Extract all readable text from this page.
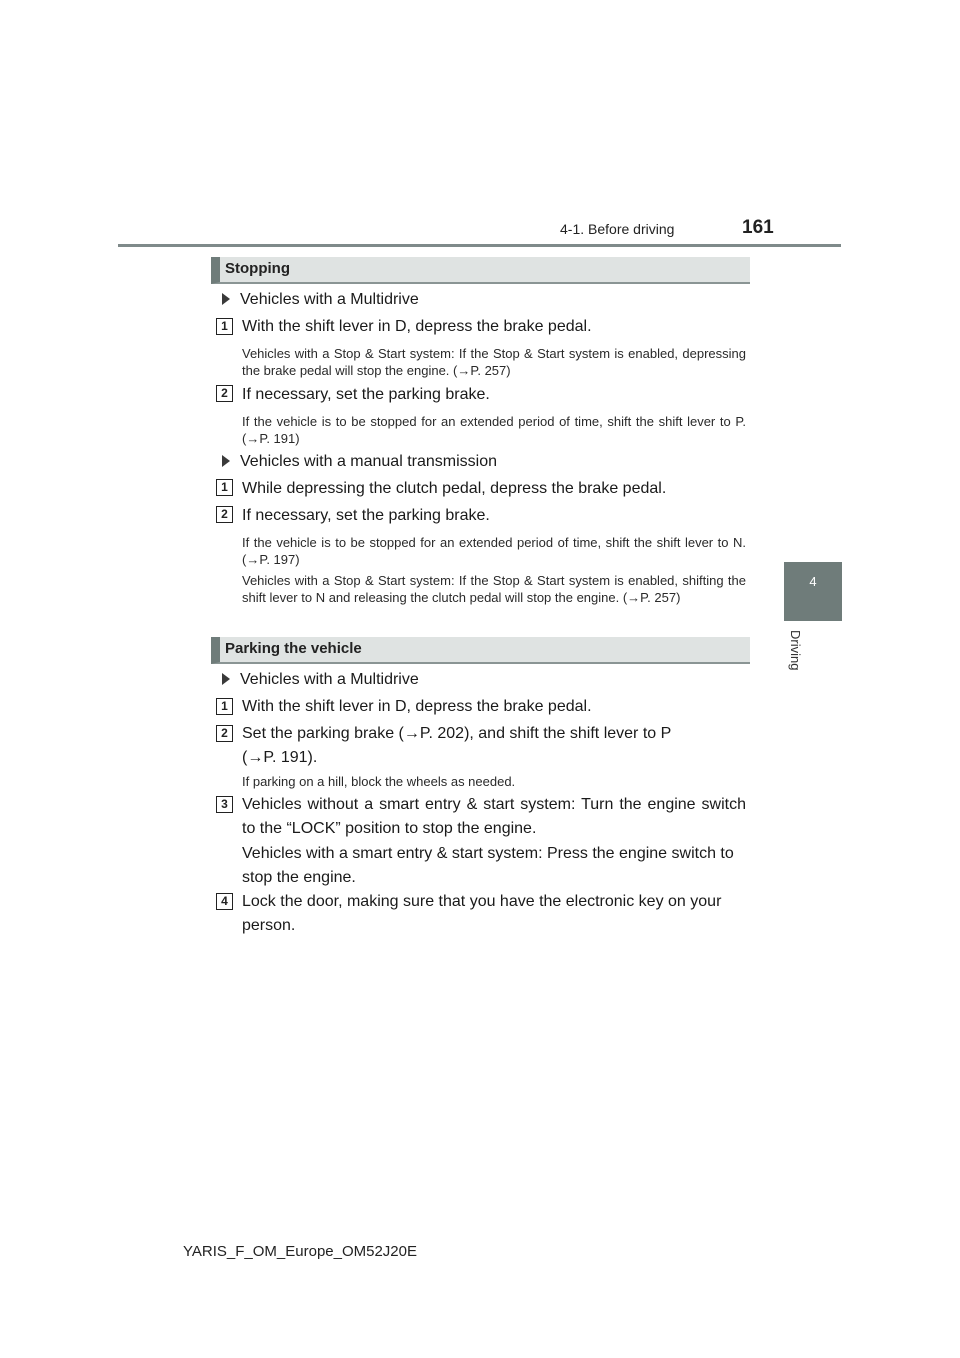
4-1. Before driving	161
4
Driving
Stopping
Vehicles with a Multidrive
1 With the shift lever in D, depress the brake pedal.
Vehicles with a Stop & Start system: If the Stop & Start system is enabled, depressing the brake pedal will stop the engine. (→P. 257)
2 If necessary, set the parking brake.
If the vehicle is to be stopped for an extended period of time, shift the shift lever to P. (→P. 191)
Vehicles with a manual transmission
1 While depressing the clutch pedal, depress the brake pedal.
2 If necessary, set the parking brake.
If the vehicle is to be stopped for an extended period of time, shift the shift lever to N. (→P. 197)
Vehicles with a Stop & Start system: If the Stop & Start system is enabled, shifting the shift lever to N and releasing the clutch pedal will stop the engine. (→P. 257)
Parking the vehicle
Vehicles with a Multidrive
1 With the shift lever in D, depress the brake pedal.
2 Set the parking brake (→P. 202), and shift the shift lever to P (→P. 191).
If parking on a hill, block the wheels as needed.
3 Vehicles without a smart entry & start system: Turn the engine switch to the “LOCK” position to stop the engine.
Vehicles with a smart entry & start system: Press the engine switch to stop the engine.
4 Lock the door, making sure that you have the electronic key on your person.
YARIS_F_OM_Europe_OM52J20E
